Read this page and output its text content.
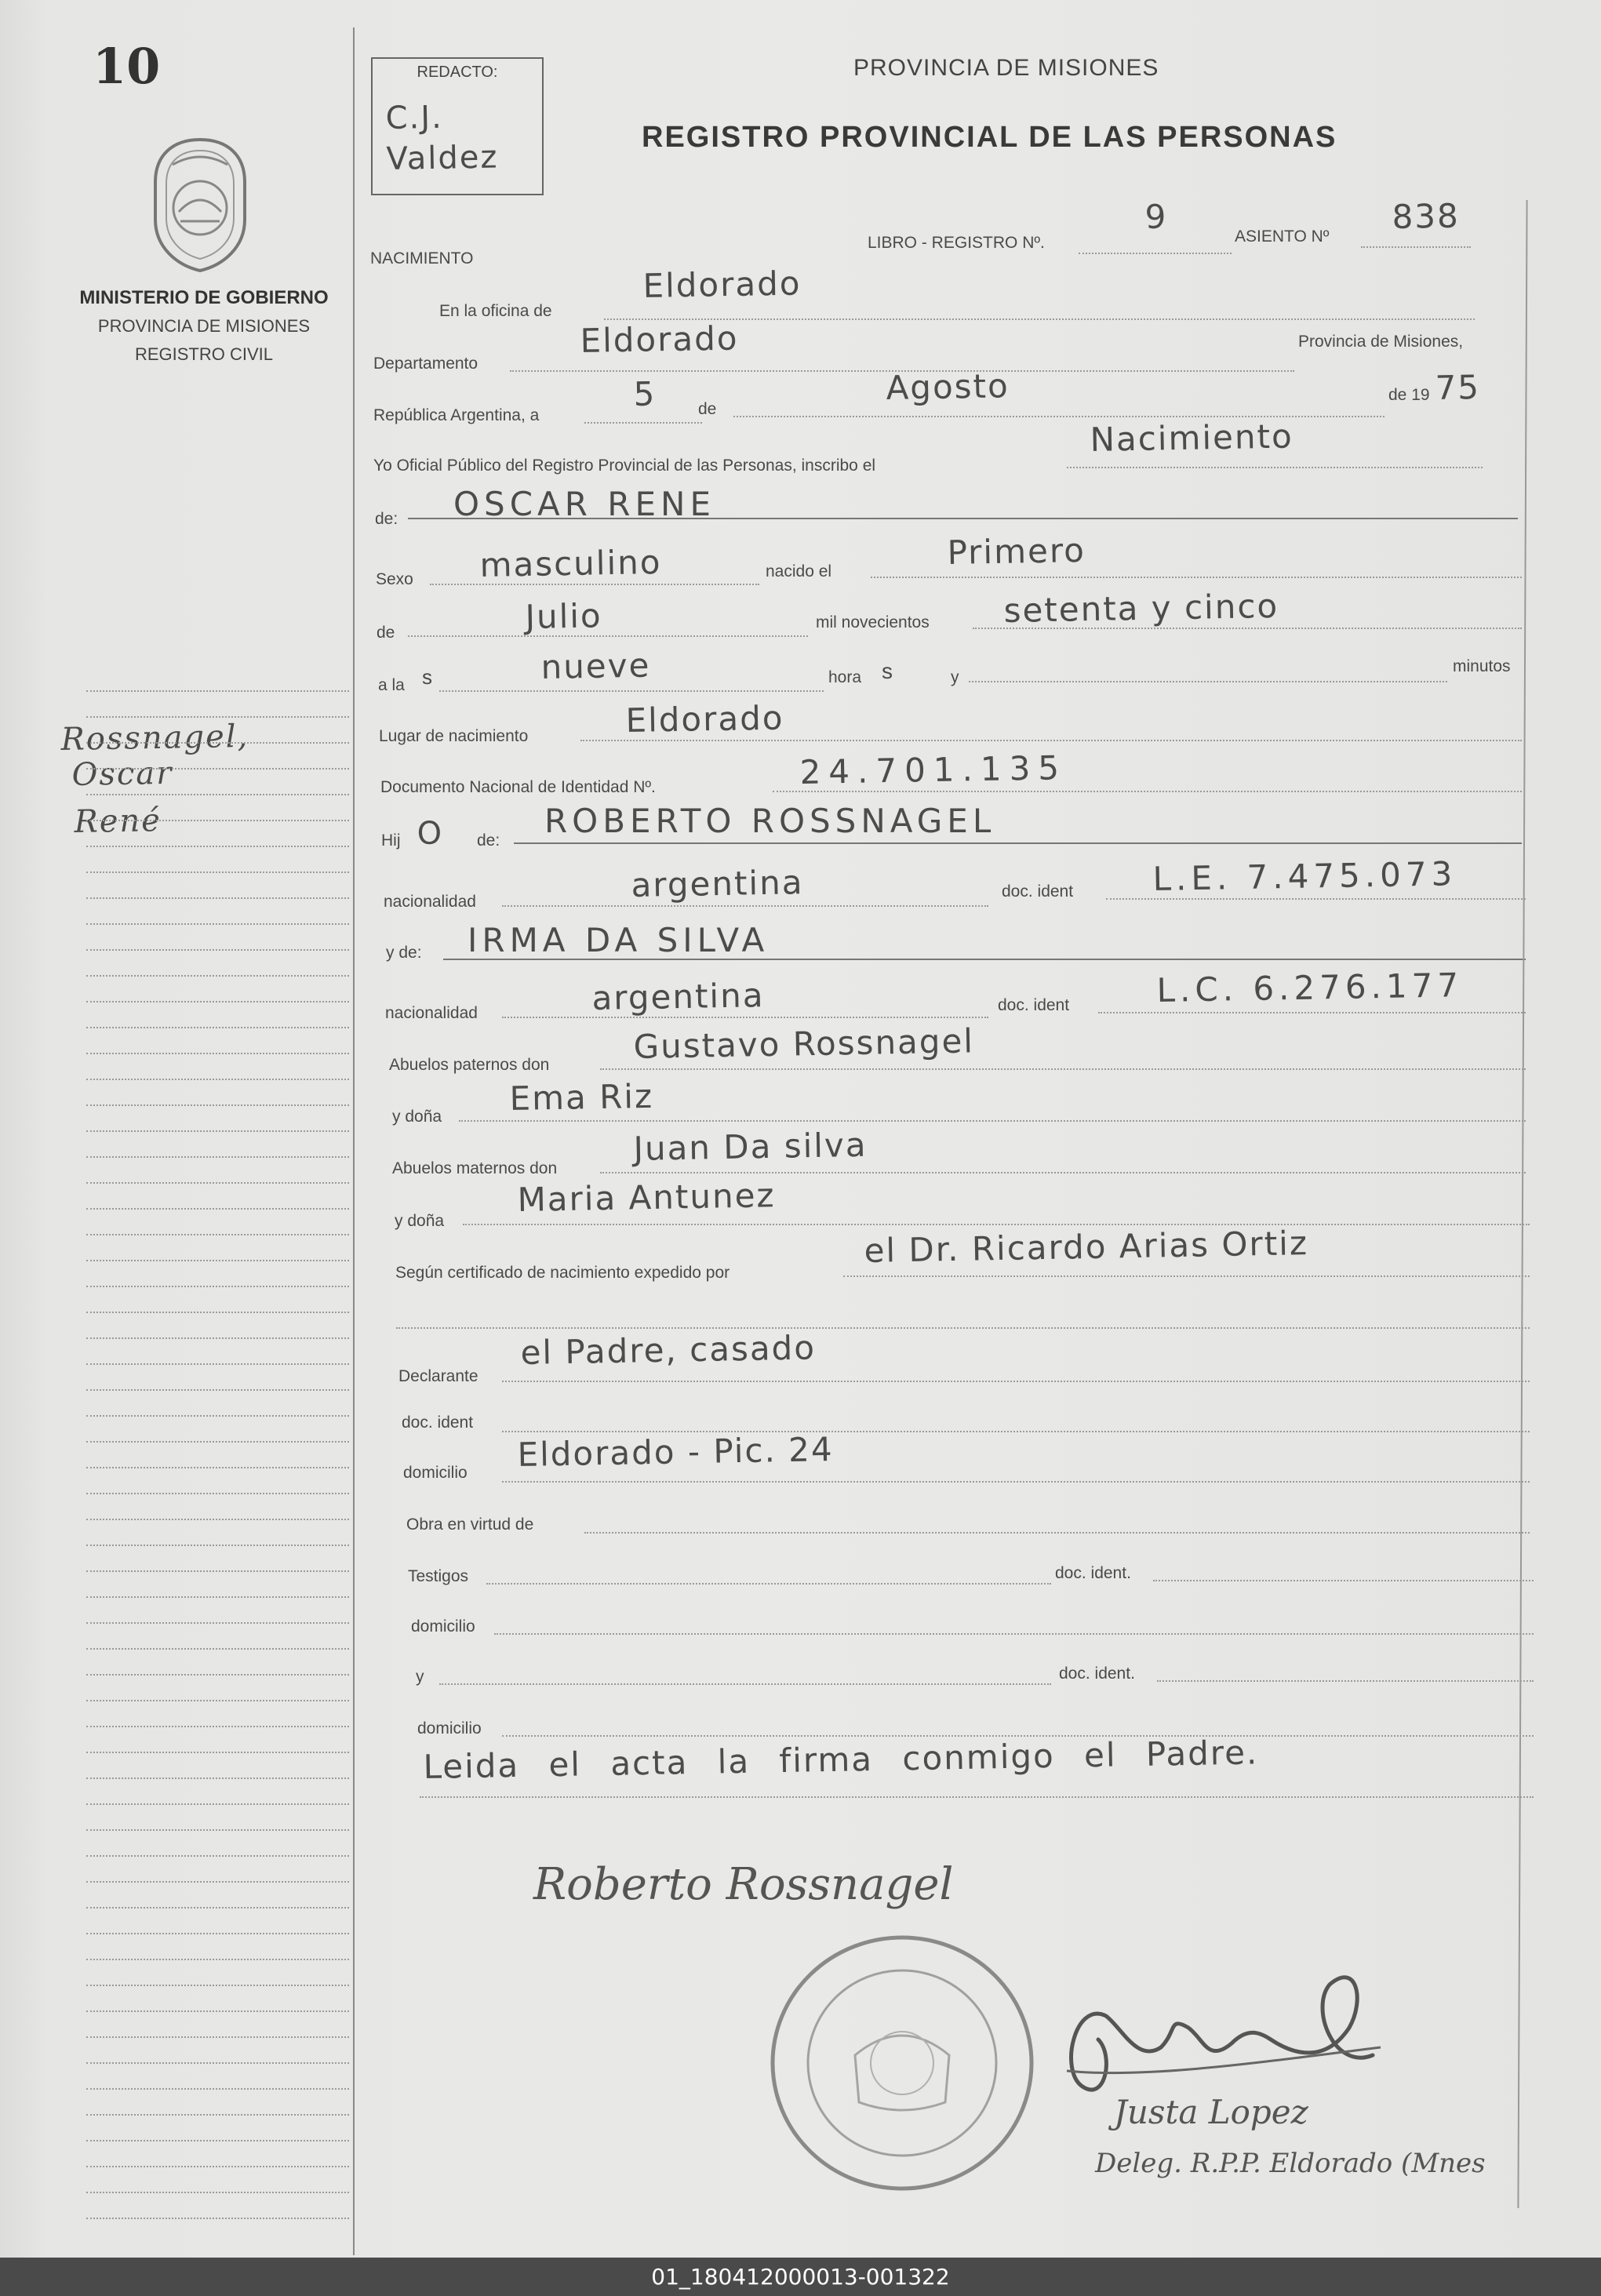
10
MINISTERIO DE GOBIERNO
PROVINCIA DE MISIONES
REGISTRO CIVIL
Rossnagel,
Oscar
René
REDACTO:
C.J. Valdez
PROVINCIA DE MISIONES
REGISTRO PROVINCIAL DE LAS PERSONAS
NACIMIENTO
LIBRO - REGISTRO Nº.
9
ASIENTO Nº
838
En la oficina de
Eldorado
Departamento
Eldorado	Provincia de Misiones,
República Argentina, a
5	de
Agosto	de 19 75
Yo Oficial Público del Registro Provincial de las Personas, inscribo el
Nacimiento
de: OSCAR RENE
Sexo masculino	nacido el	Primero
de	Julio	mil novecientos setenta y cinco
a la s	nueve	hora s	y
minutos
Lugar de nacimiento	Eldorado
Documento Nacional de Identidad Nº.	24.701.135
Hij O de:
ROBERTO ROSSNAGEL
nacionalidad	argentina	doc. ident L.E. 7.475.073
y de: IRMA DA SILVA
nacionalidad	argentina	doc. ident	L.C. 6.276.177
Abuelos paternos don	Gustavo Rossnagel
y doña Ema Riz
Abuelos maternos don
Juan Da silva
y doña
Maria Antunez
Según certificado de nacimiento expedido por
el Dr. Ricardo Arias Ortiz
Declarante
el Padre, casado
doc. ident
domicilio Eldorado - Pic. 24
Obra en virtud de
Testigos	doc. ident.
domicilio
y	doc. ident.
domicilio
Leida el acta la firma conmigo el Padre.
Roberto Rossnagel
Justa Lopez
Deleg. R.P.P. Eldorado (Mnes
01_180412000013-001322
